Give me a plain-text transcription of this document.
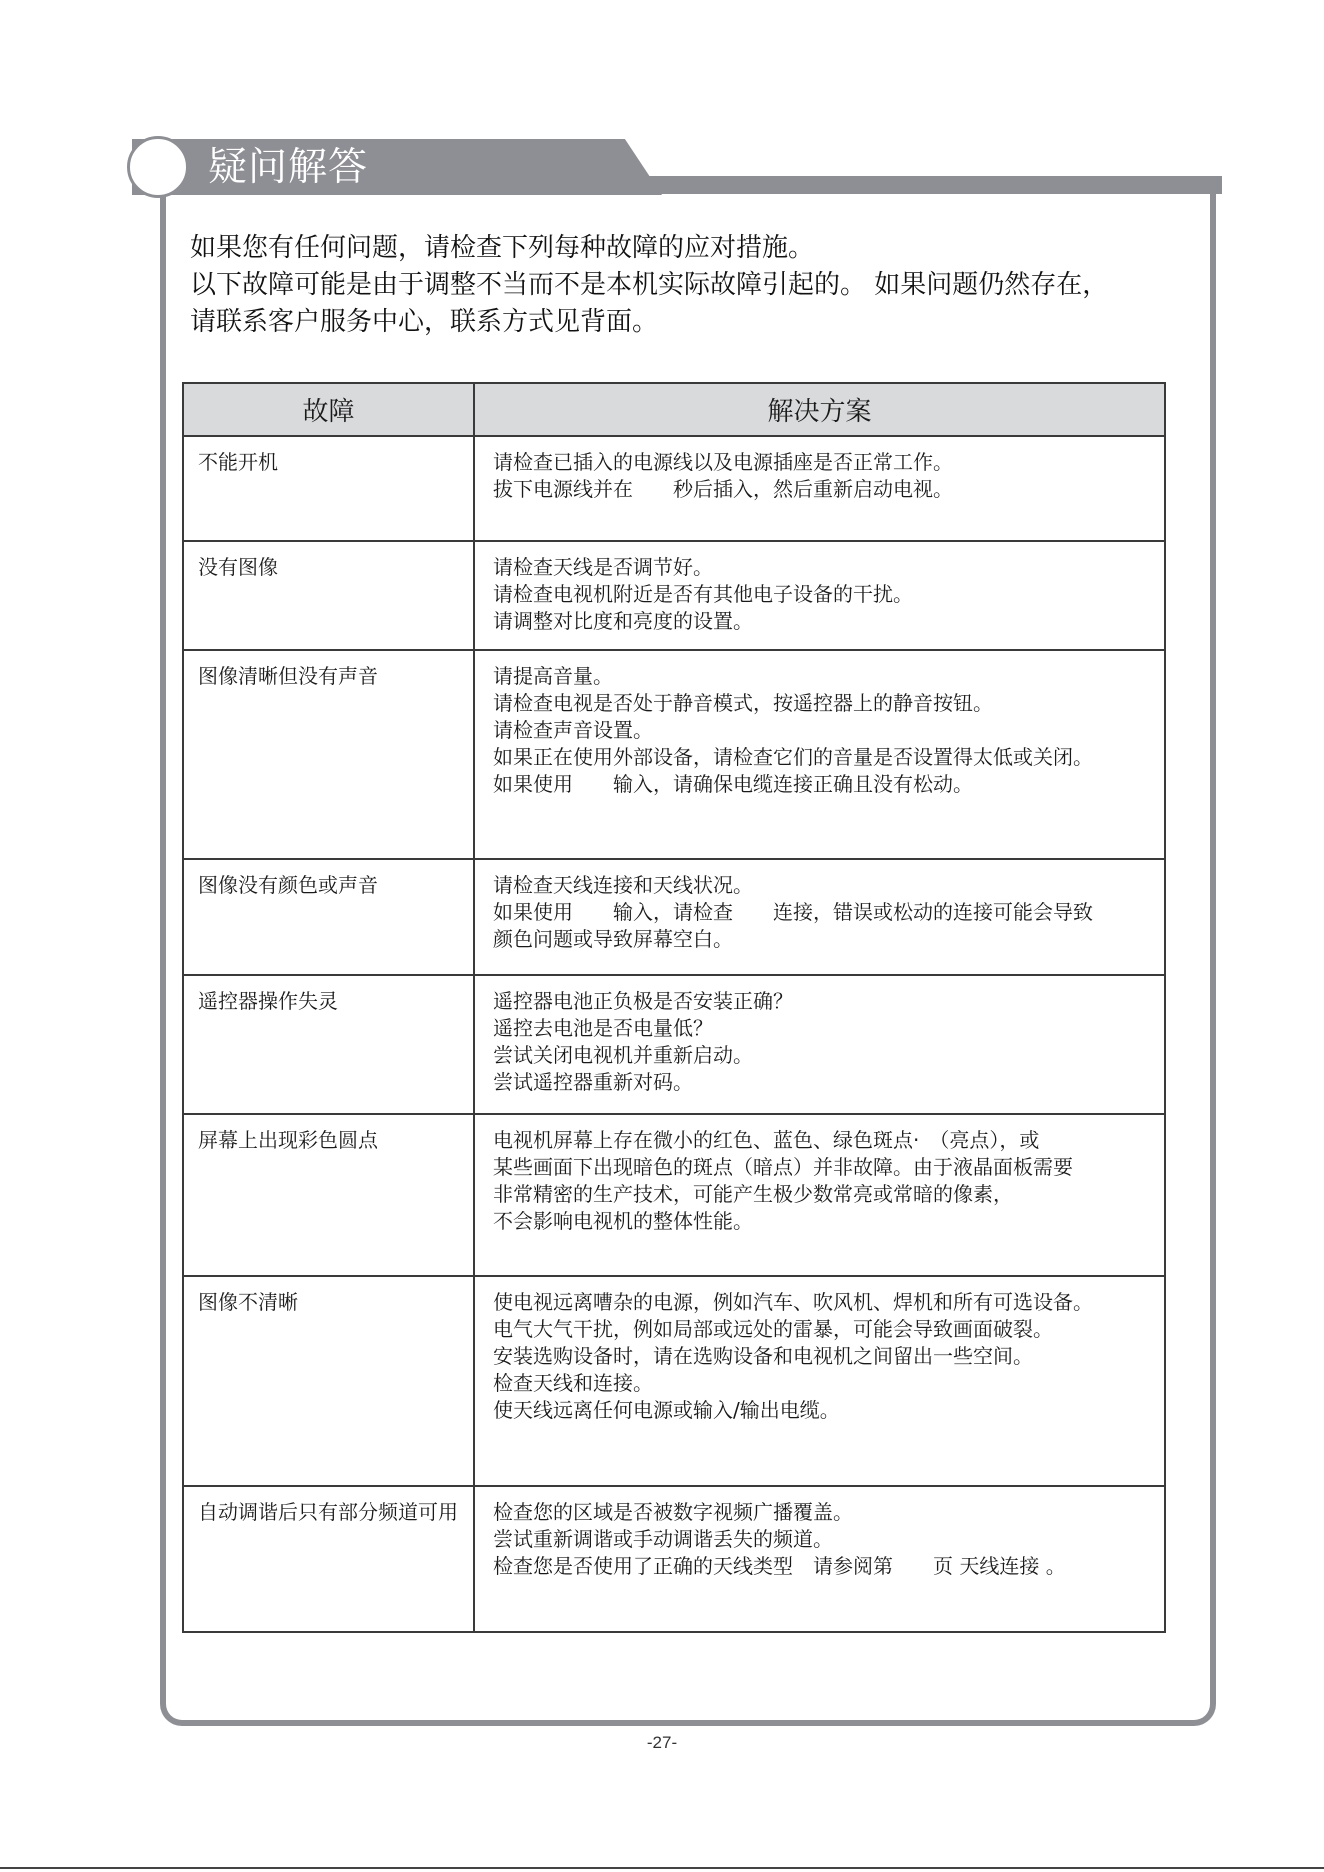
疑问解答
如果您有任何问题，请检查下列每种故障的应对措施。
以下故障可能是由于调整不当而不是本机实际故障引起的。 如果问题仍然存在，
请联系客户服务中心，联系方式见背面。
故障	解决方案
不能开机	请检查已插入的电源线以及电源插座是否正常工作。
拔下电源线并在　　秒后插入，然后重新启动电视。

没有图像	请检查天线是否调节好。
请检查电视机附近是否有其他电子设备的干扰。
请调整对比度和亮度的设置。

图像清晰但没有声音	请提高音量。
请检查电视是否处于静音模式，按遥控器上的静音按钮。
请检查声音设置。
如果正在使用外部设备，请检查它们的音量是否设置得太低或关闭。
如果使用　　输入，请确保电缆连接正确且没有松动。

图像没有颜色或声音	请检查天线连接和天线状况。
如果使用　　输入，请检查　　连接，错误或松动的连接可能会导致
颜色问题或导致屏幕空白。

遥控器操作失灵	遥控器电池正负极是否安装正确？
遥控去电池是否电量低？
尝试关闭电视机并重新启动。
尝试遥控器重新对码。

屏幕上出现彩色圆点	电视机屏幕上存在微小的红色、蓝色、绿色斑点·　（亮点），或
某些画面下出现暗色的斑点（暗点）并非故障。由于液晶面板需要
非常精密的生产技术，可能产生极少数常亮或常暗的像素，
不会影响电视机的整体性能。

图像不清晰	使电视远离嘈杂的电源，例如汽车、吹风机、焊机和所有可选设备。
电气大气干扰，例如局部或远处的雷暴，可能会导致画面破裂。
安装选购设备时，请在选购设备和电视机之间留出一些空间。
检查天线和连接。
使天线远离任何电源或输入/输出电缆。

自动调谐后只有部分频道可用	检查您的区域是否被数字视频广播覆盖。
尝试重新调谐或手动调谐丢失的频道。
检查您是否使用了正确的天线类型　请参阅第　　页 天线连接 。
-27-
